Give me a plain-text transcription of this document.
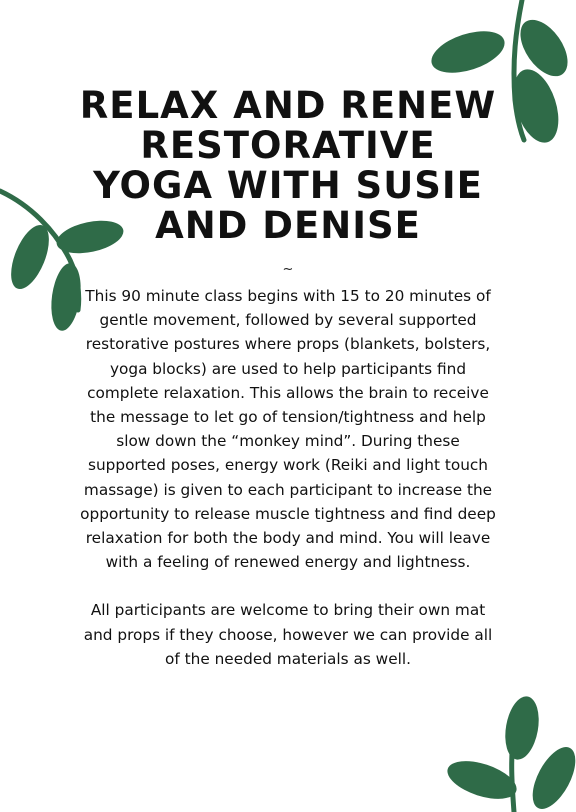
RELAX AND RENEW
RESTORATIVE
YOGA WITH SUSIE
AND DENISE
~

This 90 minute class begins with 15 to 20 minutes of gentle movement, followed by several supported restorative postures where props (blankets, bolsters, yoga blocks) are used to help participants find complete relaxation. This allows the brain to receive the message to let go of tension/tightness and help slow down the “monkey mind”. During these supported poses, energy work (Reiki and light touch massage) is given to each participant to increase the opportunity to release muscle tightness and find deep relaxation for both the body and mind. You will leave with a feeling of renewed energy and lightness.

All participants are welcome to bring their own mat and props if they choose, however we can provide all of the needed materials as well.
